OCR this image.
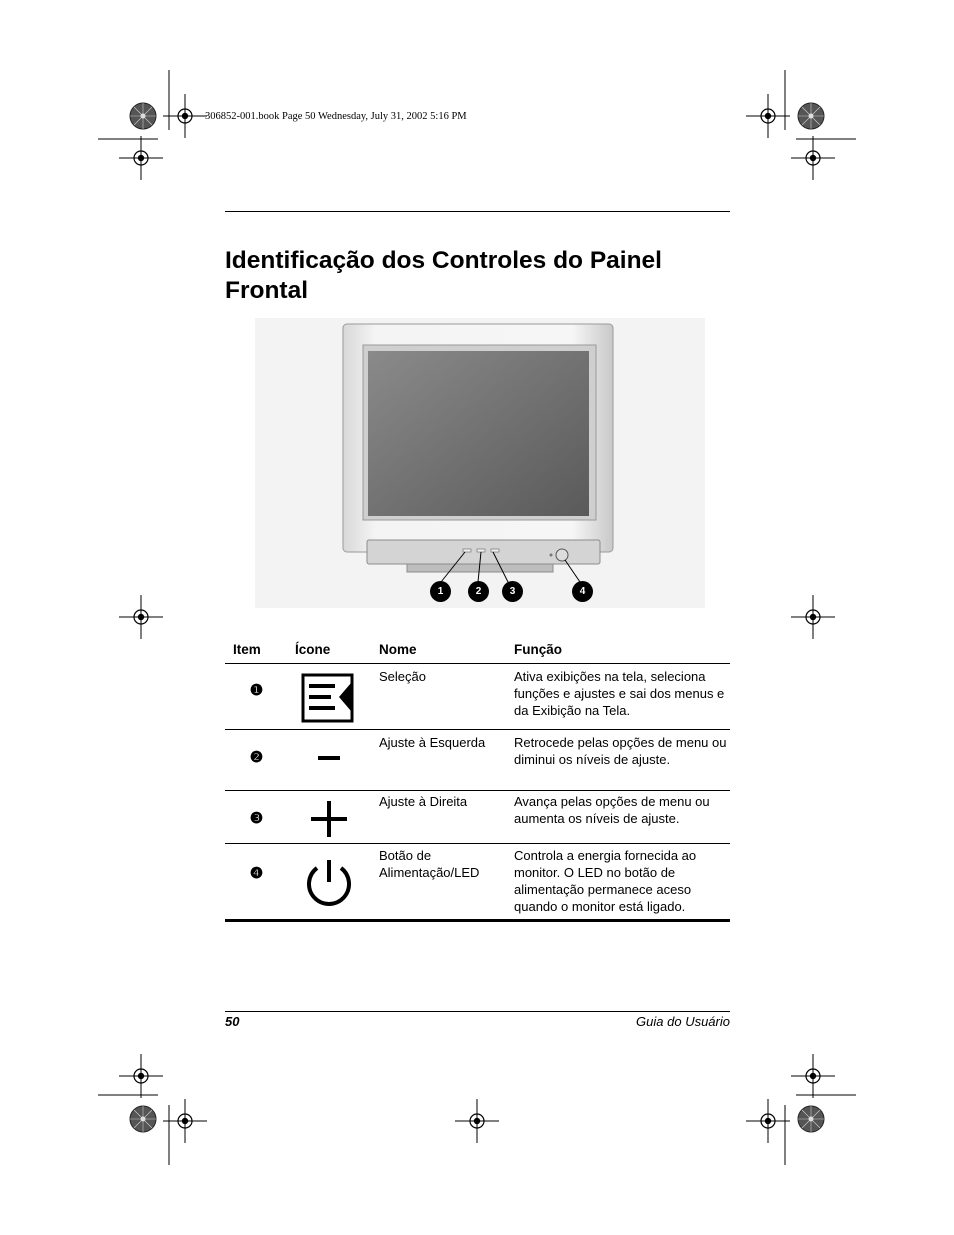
306852-001.book Page 50 Wednesday, July 31, 2002 5:16 PM
Identificação dos Controles do Painel Frontal
1	2	3	4
Item	Ícone	Nome	Função

❶		Seleção	Ativa exibições na tela, seleciona funções e ajustes e sai dos menus e da Exibição na Tela.

❷		Ajuste à Esquerda	Retrocede pelas opções de menu ou diminui os níveis de ajuste.

❸		Ajuste à Direita	Avança pelas opções de menu ou aumenta os níveis de ajuste.

❹		Botão de Alimentação/LED	Controla a energia fornecida ao monitor. O LED no botão de alimentação permanece aceso quando o monitor está ligado.
50	Guia do Usuário
